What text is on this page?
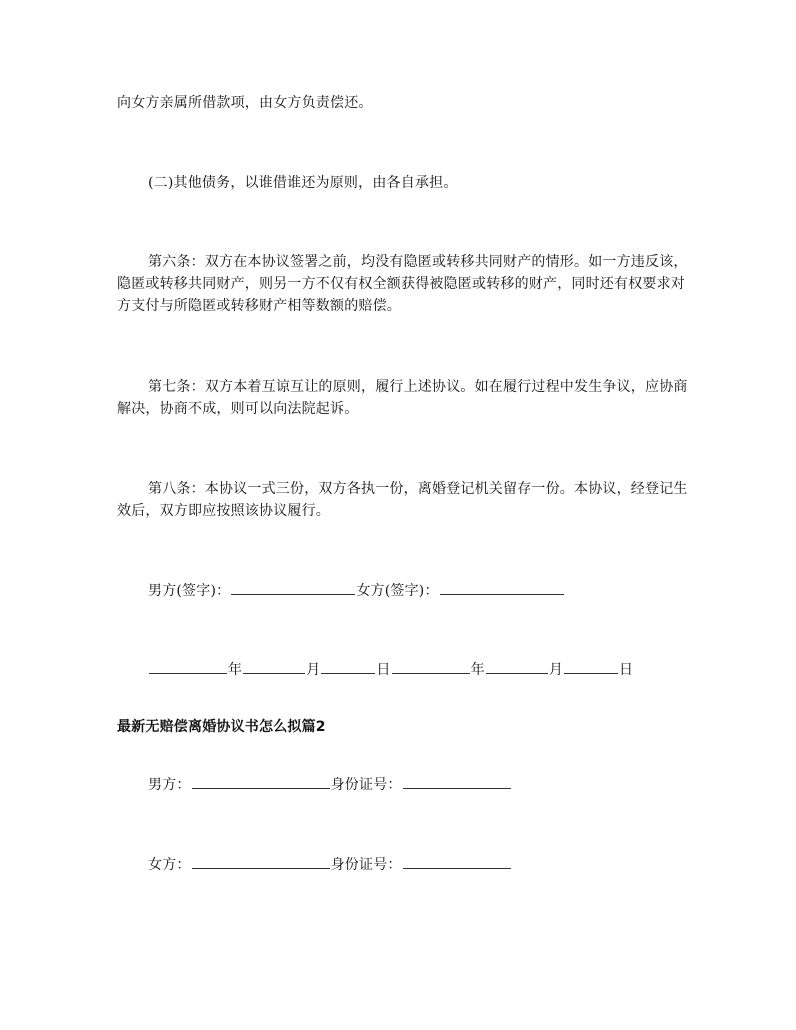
向女方亲属所借款项，由女方负责偿还。
(二)其他债务，以谁借谁还为原则，由各自承担。
第六条：双方在本协议签署之前，均没有隐匿或转移共同财产的情形。如一方违反该，隐匿或转移共同财产，则另一方不仅有权全额获得被隐匿或转移的财产，同时还有权要求对方支付与所隐匿或转移财产相等数额的赔偿。
第七条：双方本着互谅互让的原则，履行上述协议。如在履行过程中发生争议，应协商解决，协商不成，则可以向法院起诉。
第八条：本协议一式三份，双方各执一份，离婚登记机关留存一份。本协议，经登记生效后，双方即应按照该协议履行。
男方(签字)：	女方(签字)：
年	月	日	年	月	日
最新无赔偿离婚协议书怎么拟篇2
男方：	身份证号：
女方：	身份证号：
